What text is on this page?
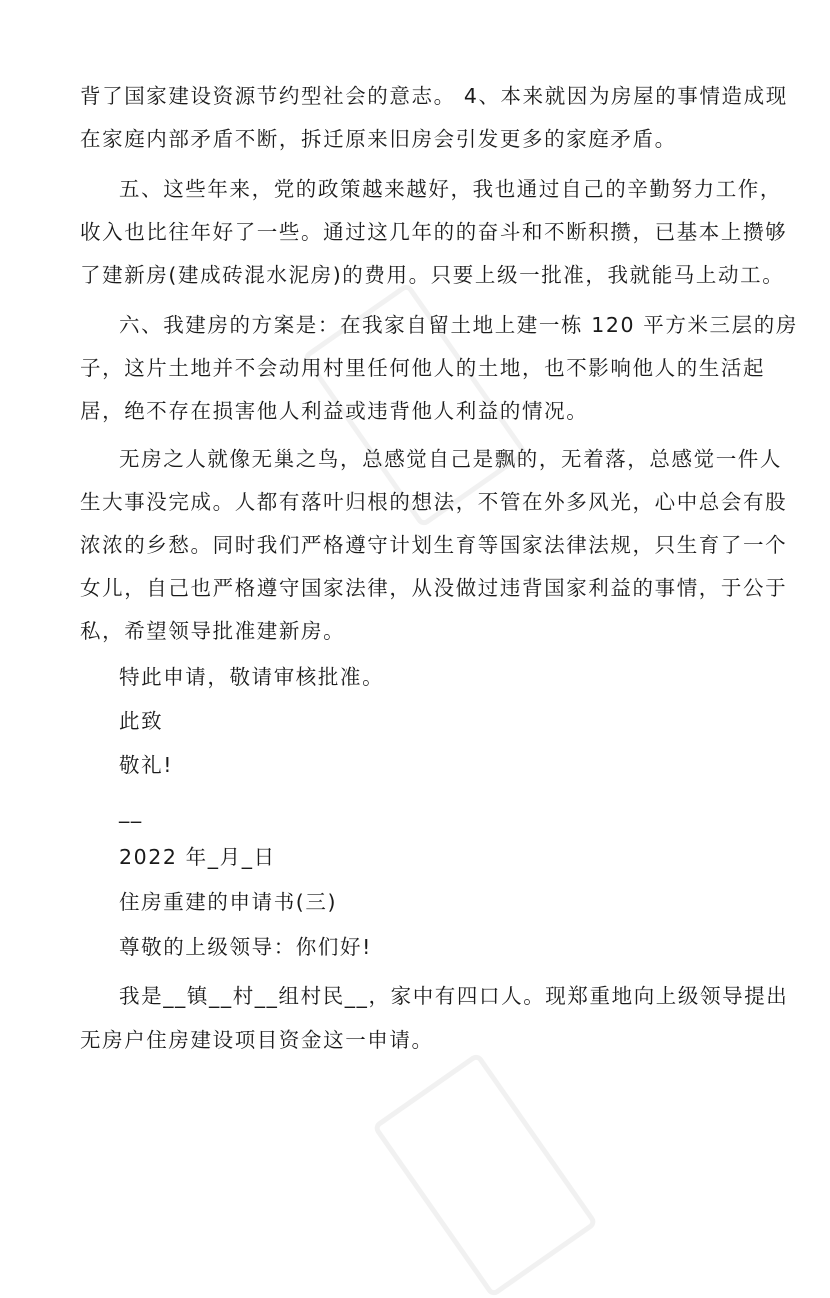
背了国家建设资源节约型社会的意志。 4、本来就因为房屋的事情造成现

在家庭内部矛盾不断，拆迁原来旧房会引发更多的家庭矛盾。

五、这些年来，党的政策越来越好，我也通过自己的辛勤努力工作，

收入也比往年好了一些。通过这几年的的奋斗和不断积攒，已基本上攒够

了建新房(建成砖混水泥房)的费用。只要上级一批准，我就能马上动工。

六、我建房的方案是：在我家自留土地上建一栋 120 平方米三层的房

子，这片土地并不会动用村里任何他人的土地，也不影响他人的生活起

居，绝不存在损害他人利益或违背他人利益的情况。

无房之人就像无巢之鸟，总感觉自己是飘的，无着落，总感觉一件人

生大事没完成。人都有落叶归根的想法，不管在外多风光，心中总会有股

浓浓的乡愁。同时我们严格遵守计划生育等国家法律法规，只生育了一个

女儿，自己也严格遵守国家法律，从没做过违背国家利益的事情，于公于

私，希望领导批准建新房。

特此申请，敬请审核批准。

此致

敬礼!

__

2022 年_月_日

住房重建的申请书(三)

尊敬的上级领导：你们好!

我是__镇__村__组村民__，家中有四口人。现郑重地向上级领导提出

无房户住房建设项目资金这一申请。
